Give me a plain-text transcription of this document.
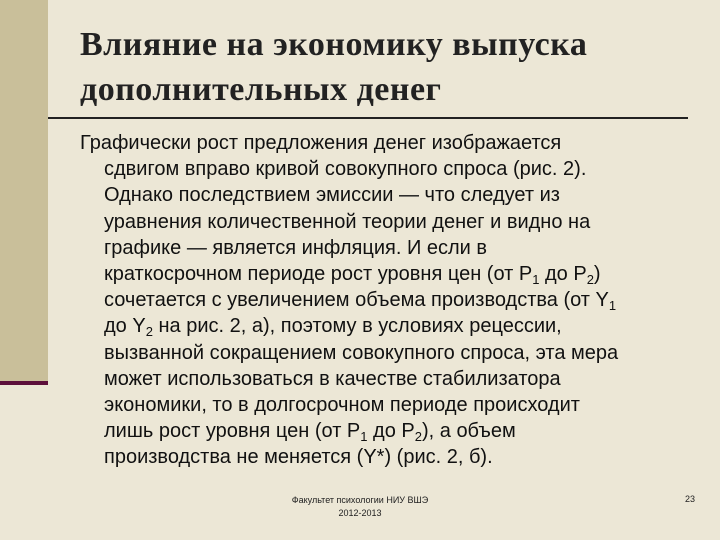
Влияние на экономику выпуска
дополнительных денег
Графически рост предложения денег изображается
сдвигом вправо кривой совокупного спроса (рис. 2).
Однако последствием эмиссии — что следует из
уравнения количественной теории денег и видно на
графике — является инфляция. И если в
краткосрочном периоде рост уровня цен (от $P_1$ до $P_2$)
сочетается с увеличением объема производства (от $Y_1$
до $Y_2$ на рис. 2, а), поэтому в условиях рецессии,
вызванной сокращением совокупного спроса, эта мера
может использоваться в качестве стабилизатора
экономики, то в долгосрочном периоде происходит
лишь рост уровня цен (от $P_1$ до $P_2$), а объем
производства не меняется (Y*) (рис. 2, б).
Факультет психологии НИУ ВШЭ
2012-2013
23
